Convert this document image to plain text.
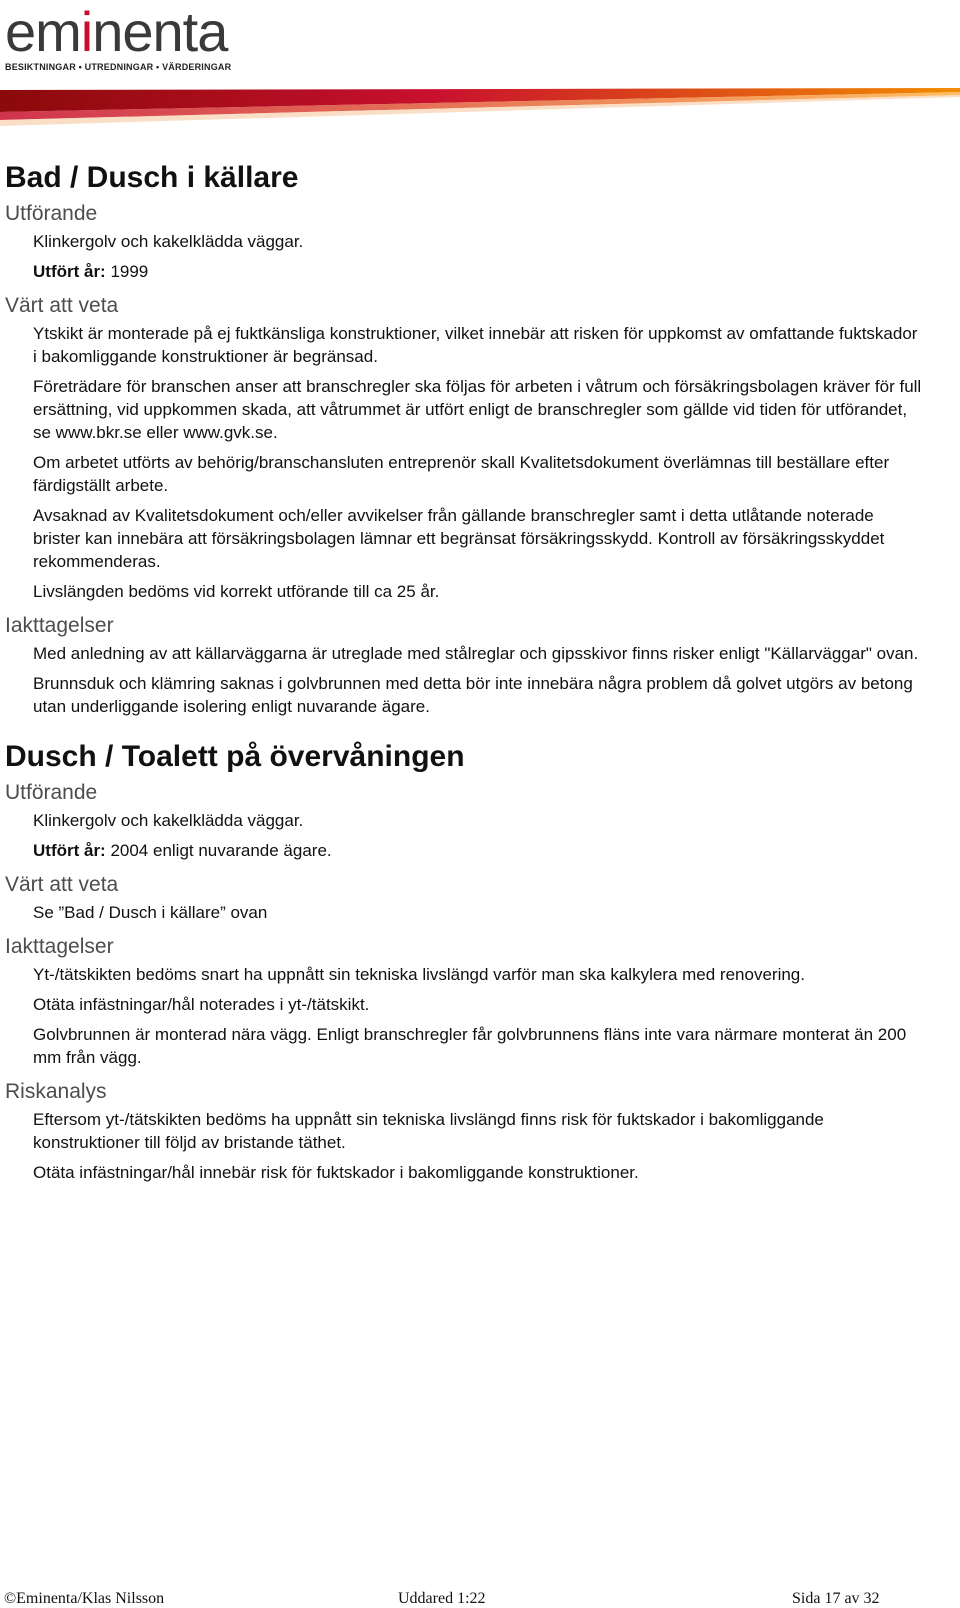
eminenta
BESIKTNINGAR • UTREDNINGAR • VÄRDERINGAR
Bad / Dusch i källare
Utförande

Klinkergolv och kakelklädda väggar.

Utfört år: 1999

Värt att veta

Ytskikt är monterade på ej fuktkänsliga konstruktioner, vilket innebär att risken för uppkomst av omfattande fuktskador i bakomliggande konstruktioner är begränsad.

Företrädare för branschen anser att branschregler ska följas för arbeten i våtrum och försäkringsbolagen kräver för full ersättning, vid uppkommen skada, att våtrummet är utfört enligt de branschregler som gällde vid tiden för utförandet, se www.bkr.se eller www.gvk.se.

Om arbetet utförts av behörig/branschansluten entreprenör skall Kvalitetsdokument överlämnas till beställare efter färdigställt arbete.

Avsaknad av Kvalitetsdokument och/eller avvikelser från gällande branschregler samt i detta utlåtande noterade brister kan innebära att försäkringsbolagen lämnar ett begränsat försäkringsskydd. Kontroll av försäkringsskyddet rekommenderas.

Livslängden bedöms vid korrekt utförande till ca 25 år.

Iakttagelser

Med anledning av att källarväggarna är utreglade med stålreglar och gipsskivor finns risker enligt "Källarväggar" ovan.

Brunnsduk och klämring saknas i golvbrunnen med detta bör inte innebära några problem då golvet utgörs av betong utan underliggande isolering enligt nuvarande ägare.

Dusch / Toalett på övervåningen
Utförande

Klinkergolv och kakelklädda väggar.

Utfört år: 2004 enligt nuvarande ägare.

Värt att veta

Se ”Bad / Dusch i källare” ovan

Iakttagelser

Yt-/tätskikten bedöms snart ha uppnått sin tekniska livslängd varför man ska kalkylera med renovering.

Otäta infästningar/hål noterades i yt-/tätskikt.

Golvbrunnen är monterad nära vägg. Enligt branschregler får golvbrunnens fläns inte vara närmare monterat än 200 mm från vägg.

Riskanalys

Eftersom yt-/tätskikten bedöms ha uppnått sin tekniska livslängd finns risk för fuktskador i bakomliggande konstruktioner till följd av bristande täthet.

Otäta infästningar/hål innebär risk för fuktskador i bakomliggande konstruktioner.

©Eminenta/Klas Nilsson	Uddared 1:22	Sida 17 av 32
